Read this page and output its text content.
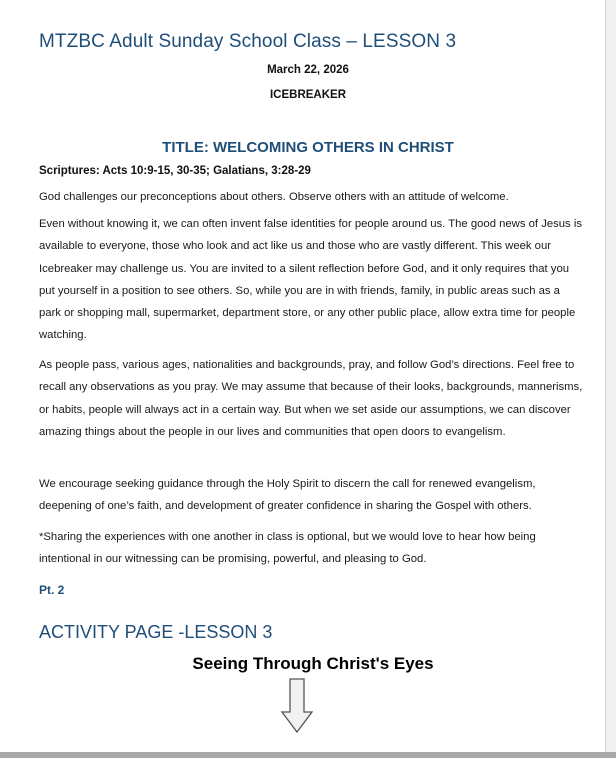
MTZBC Adult Sunday School Class – LESSON 3
March 22, 2026
ICEBREAKER
TITLE: WELCOMING OTHERS IN CHRIST
Scriptures: Acts 10:9-15, 30-35; Galatians, 3:28-29
God challenges our preconceptions about others. Observe others with an attitude of welcome.
Even without knowing it, we can often invent false identities for people around us. The good news of Jesus is available to everyone, those who look and act like us and those who are vastly different. This week our Icebreaker may challenge us. You are invited to a silent reflection before God, and it only requires that you put yourself in a position to see others. So, while you are in with friends, family, in public areas such as a park or shopping mall, supermarket, department store, or any other public place, allow extra time for people watching.
As people pass, various ages, nationalities and backgrounds, pray, and follow God’s directions. Feel free to recall any observations as you pray. We may assume that because of their looks, backgrounds, mannerisms, or habits, people will always act in a certain way. But when we set aside our assumptions, we can discover amazing things about the people in our lives and communities that open doors to evangelism.
We encourage seeking guidance through the Holy Spirit to discern the call for renewed evangelism, deepening of one’s faith, and development of greater confidence in sharing the Gospel with others.
*Sharing the experiences with one another in class is optional, but we would love to hear how being intentional in our witnessing can be promising, powerful, and pleasing to God.
Pt. 2
ACTIVITY PAGE -LESSON 3
Seeing Through Christ's Eyes
